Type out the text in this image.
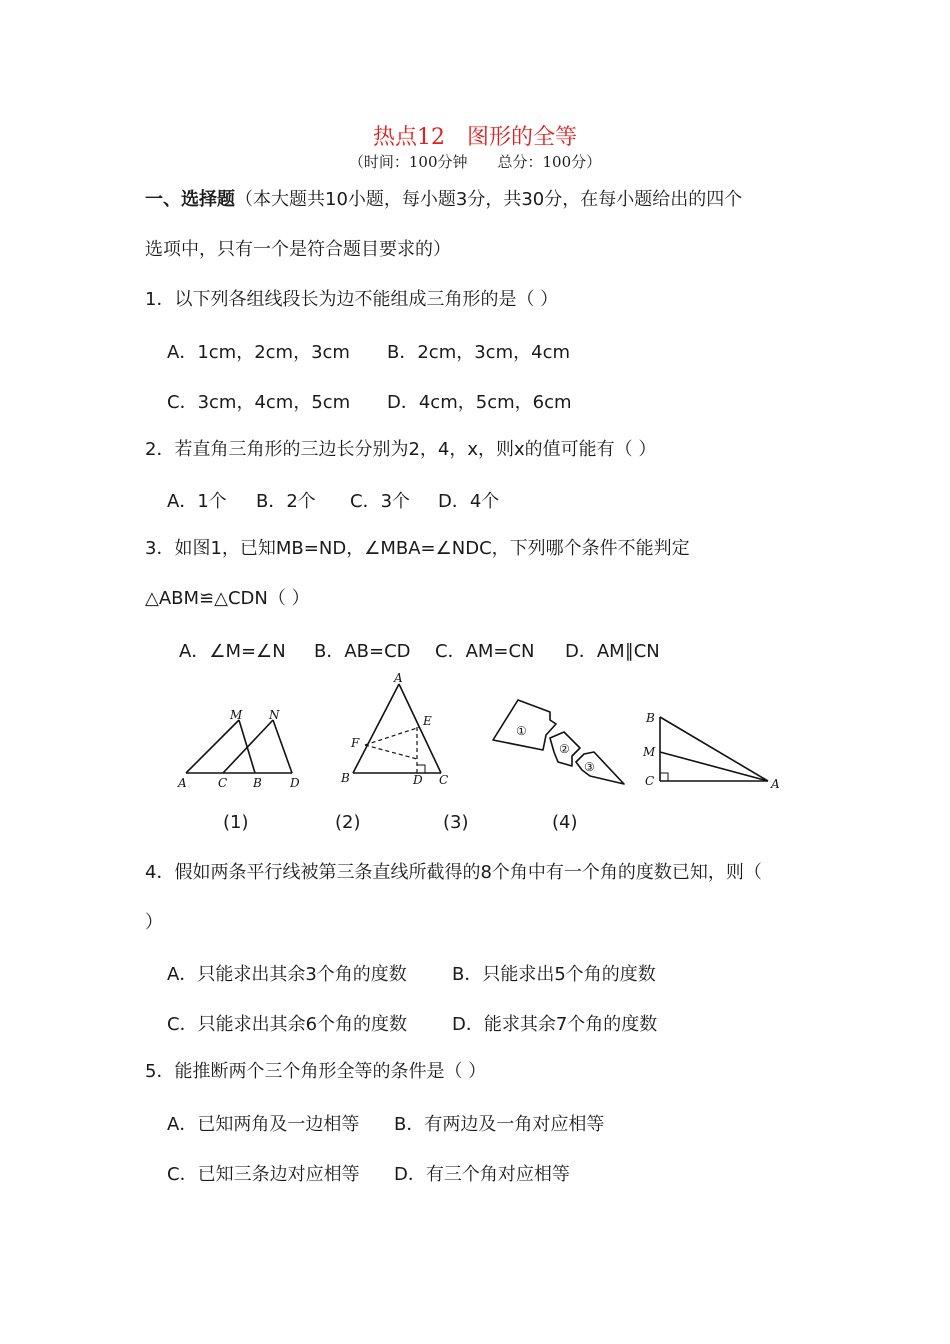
热点12　图形的全等
（时间：100分钟　　总分：100分）
一、选择题（本大题共10小题，每小题3分，共30分，在每小题给出的四个
选项中，只有一个是符合题目要求的）
1．以下列各组线段长为边不能组成三角形的是（ ）
A．1cm，2cm，3cm B．2cm，3cm，4cm
C．3cm，4cm，5cm D．4cm，5cm，6cm
2．若直角三角形的三边长分别为2，4，x，则x的值可能有（ ）
A．1个 B．2个 C．3个 D．4个
3．如图1，已知MB=ND，∠MBA=∠NDC，下列哪个条件不能判定
△ABM≌△CDN（ ）
A．∠M=∠N B．AB=CD C．AM=CN D．AM∥CN
M N
A	C B D
A
E
F
B	D C
①
②
③
B
M
C	A
(1)	(2)	(3)	(4)
4．假如两条平行线被第三条直线所截得的8个角中有一个角的度数已知，则（
）
A．只能求出其余3个角的度数	B．只能求出5个角的度数
C．只能求出其余6个角的度数 D．能求其余7个角的度数
5．能推断两个三个角形全等的条件是（ ）
A．已知两角及一边相等 B．有两边及一角对应相等
C．已知三条边对应相等 D．有三个角对应相等
